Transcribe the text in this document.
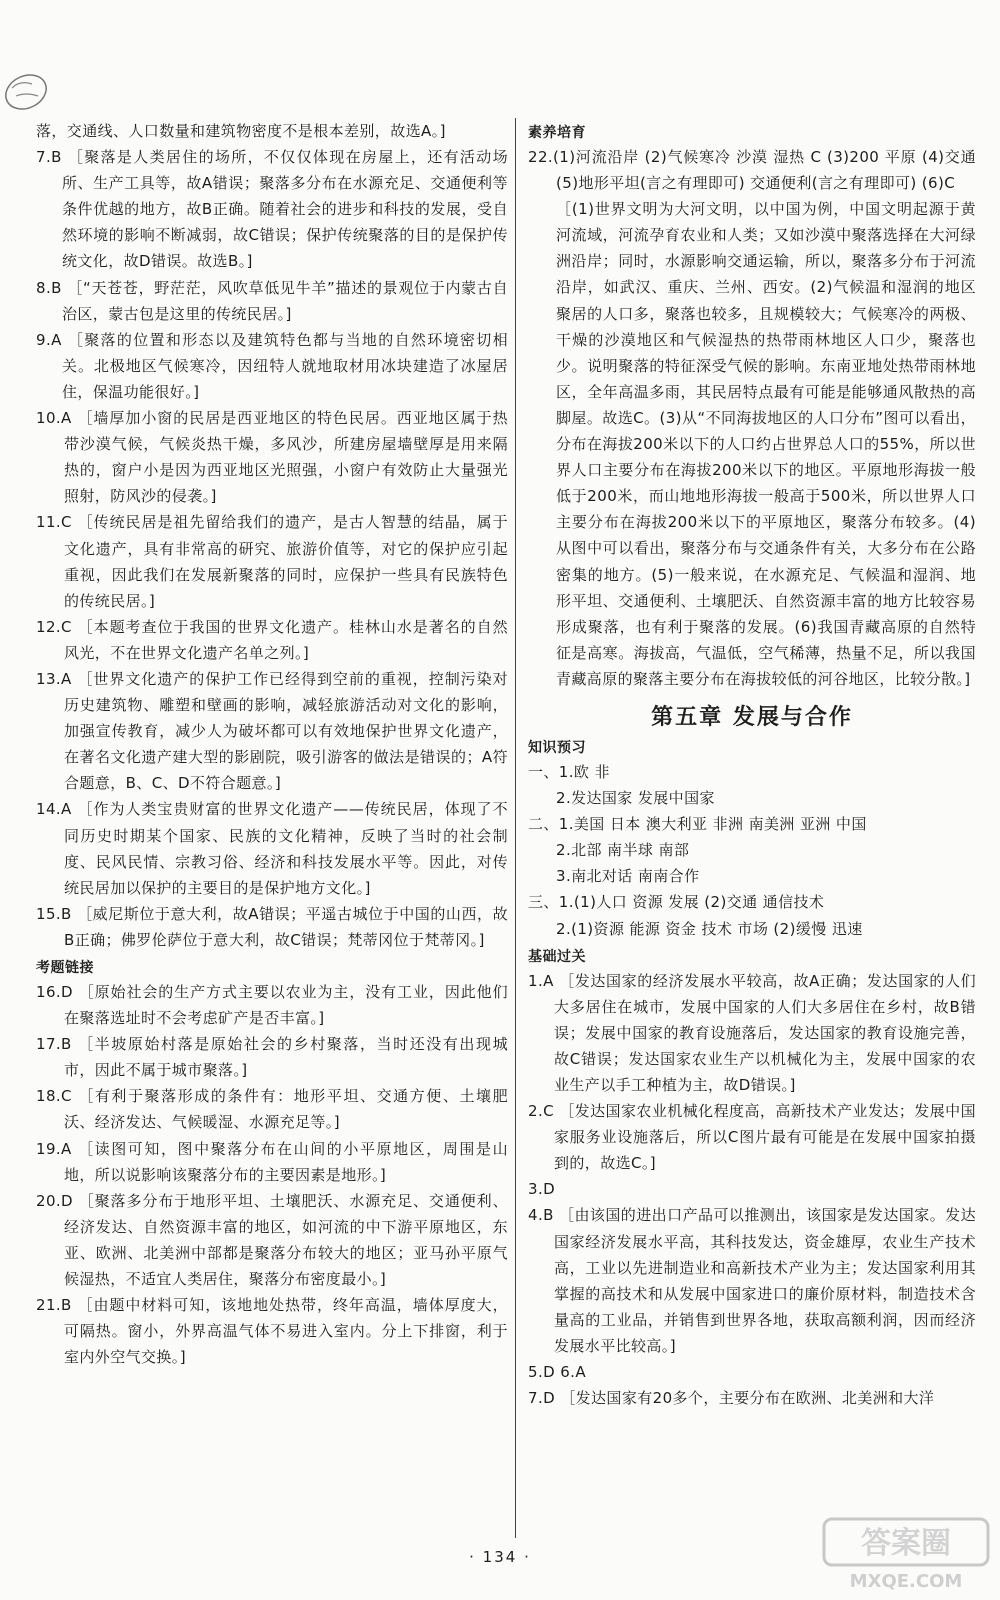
落，交通线、人口数量和建筑物密度不是根本差别，故选A。]

7.B ［聚落是人类居住的场所，不仅仅体现在房屋上，还有活动场所、生产工具等，故A错误；聚落多分布在水源充足、交通便利等条件优越的地方，故B正确。随着社会的进步和科技的发展，受自然环境的影响不断减弱，故C错误；保护传统聚落的目的是保护传统文化，故D错误。故选B。]

8.B ［“天苍苍，野茫茫，风吹草低见牛羊”描述的景观位于内蒙古自治区，蒙古包是这里的传统民居。]

9.A ［聚落的位置和形态以及建筑特色都与当地的自然环境密切相关。北极地区气候寒冷，因纽特人就地取材用冰块建造了冰屋居住，保温功能很好。]

10.A ［墙厚加小窗的民居是西亚地区的特色民居。西亚地区属于热带沙漠气候，气候炎热干燥，多风沙，所建房屋墙壁厚是用来隔热的，窗户小是因为西亚地区光照强，小窗户有效防止大量强光照射，防风沙的侵袭。]

11.C ［传统民居是祖先留给我们的遗产，是古人智慧的结晶，属于文化遗产，具有非常高的研究、旅游价值等，对它的保护应引起重视，因此我们在发展新聚落的同时，应保护一些具有民族特色的传统民居。]

12.C ［本题考查位于我国的世界文化遗产。桂林山水是著名的自然风光，不在世界文化遗产名单之列。]

13.A ［世界文化遗产的保护工作已经得到空前的重视，控制污染对历史建筑物、雕塑和壁画的影响，减轻旅游活动对文化的影响，加强宣传教育，减少人为破坏都可以有效地保护世界文化遗产，在著名文化遗产建大型的影剧院，吸引游客的做法是错误的；A符合题意，B、C、D不符合题意。]

14.A ［作为人类宝贵财富的世界文化遗产——传统民居，体现了不同历史时期某个国家、民族的文化精神，反映了当时的社会制度、民风民情、宗教习俗、经济和科技发展水平等。因此，对传统民居加以保护的主要目的是保护地方文化。]

15.B ［威尼斯位于意大利，故A错误；平遥古城位于中国的山西，故B正确；佛罗伦萨位于意大利，故C错误；梵蒂冈位于梵蒂冈。]

考题链接

16.D ［原始社会的生产方式主要以农业为主，没有工业，因此他们在聚落选址时不会考虑矿产是否丰富。]

17.B ［半坡原始村落是原始社会的乡村聚落，当时还没有出现城市，因此不属于城市聚落。]

18.C ［有利于聚落形成的条件有：地形平坦、交通方便、土壤肥沃、经济发达、气候暖湿、水源充足等。]

19.A ［读图可知，图中聚落分布在山间的小平原地区，周围是山地，所以说影响该聚落分布的主要因素是地形。]

20.D ［聚落多分布于地形平坦、土壤肥沃、水源充足、交通便利、经济发达、自然资源丰富的地区，如河流的中下游平原地区，东亚、欧洲、北美洲中部都是聚落分布较大的地区；亚马孙平原气候湿热，不适宜人类居住，聚落分布密度最小。]

21.B ［由题中材料可知，该地地处热带，终年高温，墙体厚度大，可隔热。窗小，外界高温气体不易进入室内。分上下排窗，利于室内外空气交换。]

素养培育

22.(1)河流沿岸 (2)气候寒冷 沙漠 湿热 C (3)200 平原 (4)交通 (5)地形平坦(言之有理即可) 交通便利(言之有理即可) (6)C

［(1)世界文明为大河文明，以中国为例，中国文明起源于黄河流域，河流孕育农业和人类；又如沙漠中聚落选择在大河绿洲沿岸；同时，水源影响交通运输，所以，聚落多分布于河流沿岸，如武汉、重庆、兰州、西安。(2)气候温和湿润的地区聚居的人口多，聚落也较多，且规模较大；气候寒冷的两极、干燥的沙漠地区和气候湿热的热带雨林地区人口少，聚落也少。说明聚落的特征深受气候的影响。东南亚地处热带雨林地区，全年高温多雨，其民居特点最有可能是能够通风散热的高脚屋。故选C。(3)从“不同海拔地区的人口分布”图可以看出，分布在海拔200米以下的人口约占世界总人口的55%，所以世界人口主要分布在海拔200米以下的地区。平原地形海拔一般低于200米，而山地地形海拔一般高于500米，所以世界人口主要分布在海拔200米以下的平原地区，聚落分布较多。(4)从图中可以看出，聚落分布与交通条件有关，大多分布在公路密集的地方。(5)一般来说，在水源充足、气候温和湿润、地形平坦、交通便利、土壤肥沃、自然资源丰富的地方比较容易形成聚落，也有利于聚落的发展。(6)我国青藏高原的自然特征是高寒。海拔高，气温低，空气稀薄，热量不足，所以我国青藏高原的聚落主要分布在海拔较低的河谷地区，比较分散。]

第五章 发展与合作
知识预习

一、1.欧 非

2.发达国家 发展中国家

二、1.美国 日本 澳大利亚 非洲 南美洲 亚洲 中国

2.北部 南半球 南部

3.南北对话 南南合作

三、1.(1)人口 资源 发展 (2)交通 通信技术

2.(1)资源 能源 资金 技术 市场 (2)缓慢 迅速

基础过关

1.A ［发达国家的经济发展水平较高，故A正确；发达国家的人们大多居住在城市，发展中国家的人们大多居住在乡村，故B错误；发展中国家的教育设施落后，发达国家的教育设施完善，故C错误；发达国家农业生产以机械化为主，发展中国家的农业生产以手工种植为主，故D错误。]

2.C ［发达国家农业机械化程度高，高新技术产业发达；发展中国家服务业设施落后，所以C图片最有可能是在发展中国家拍摄到的，故选C。]

3.D

4.B ［由该国的进出口产品可以推测出，该国家是发达国家。发达国家经济发展水平高，其科技发达，资金雄厚，农业生产技术高，工业以先进制造业和高新技术产业为主；发达国家利用其掌握的高技术和从发展中国家进口的廉价原材料，制造技术含量高的工业品，并销售到世界各地，获取高额利润，因而经济发展水平比较高。]

5.D 6.A

7.D ［发达国家有20多个，主要分布在欧洲、北美洲和大洋

· 134 ·	答案圈
MXQE.COM
